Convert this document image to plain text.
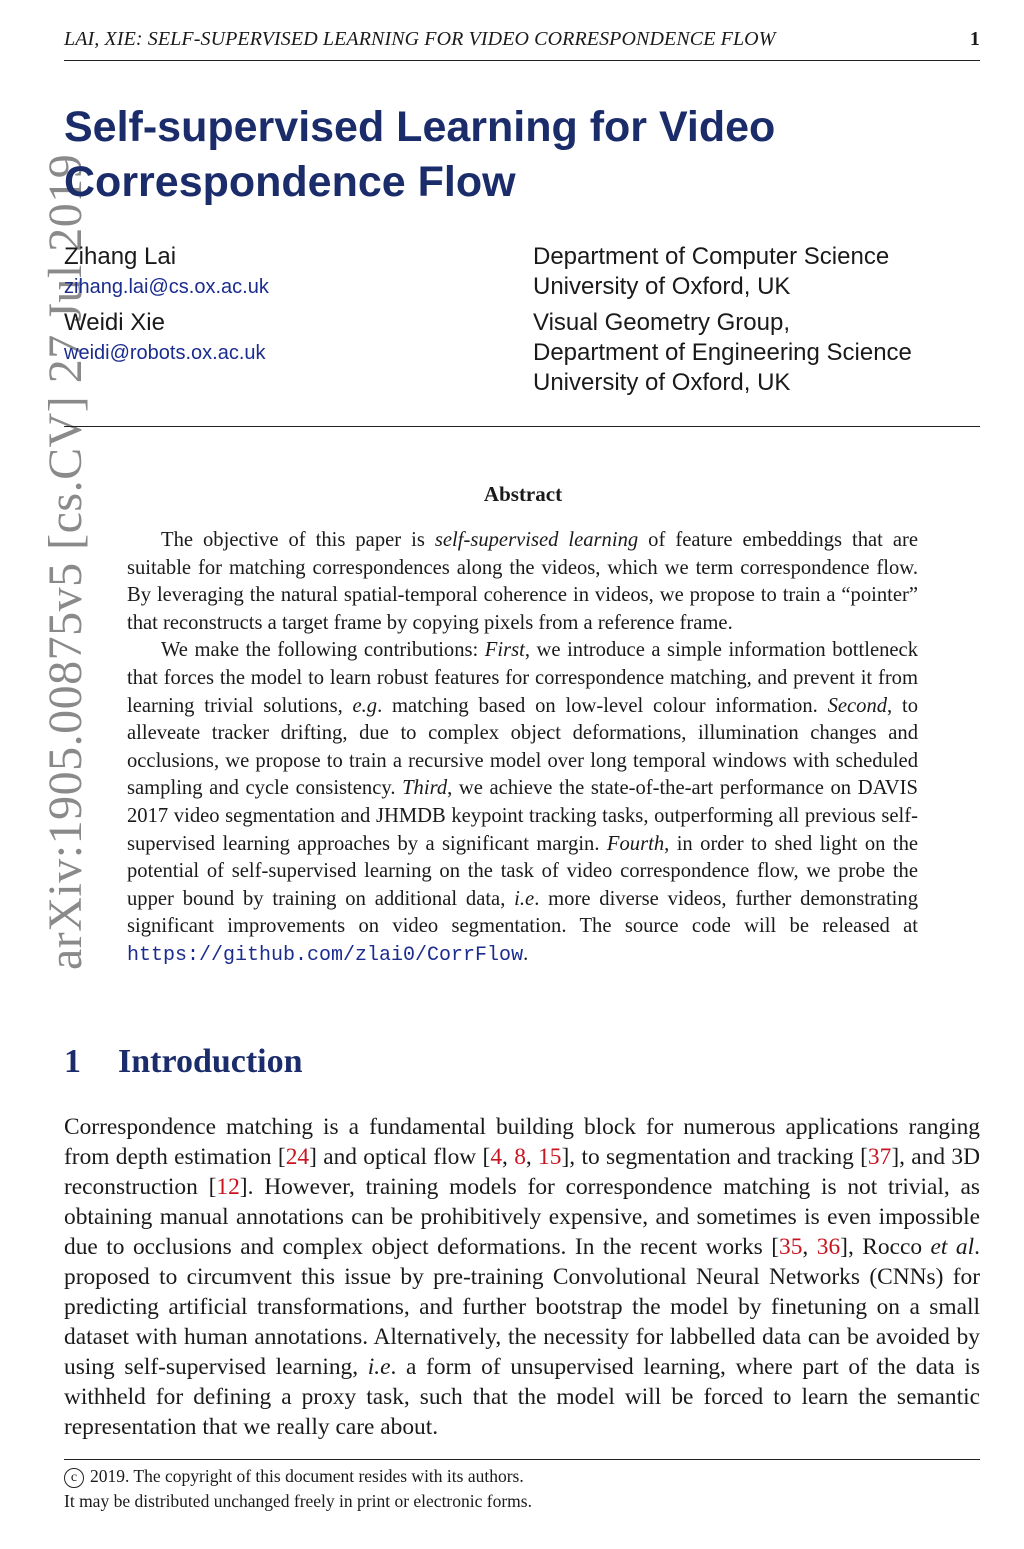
LAI, XIE: SELF-SUPERVISED LEARNING FOR VIDEO CORRESPONDENCE FLOW	1
arXiv:1905.00875v5 [cs.CV] 27 Jul 2019
Self-supervised Learning for Video Correspondence Flow
Zihang Lai
zihang.lai@cs.ox.ac.uk
Weidi Xie
weidi@robots.ox.ac.uk
Department of Computer Science
University of Oxford, UK
Visual Geometry Group,
Department of Engineering Science
University of Oxford, UK
Abstract

The objective of this paper is self-supervised learning of feature embeddings that are suitable for matching correspondences along the videos, which we term correspondence flow. By leveraging the natural spatial-temporal coherence in videos, we propose to train a “pointer” that reconstructs a target frame by copying pixels from a reference frame.

We make the following contributions: First, we introduce a simple information bottleneck that forces the model to learn robust features for correspondence matching, and prevent it from learning trivial solutions, e.g. matching based on low-level colour information. Second, to alleveate tracker drifting, due to complex object deformations, illumination changes and occlusions, we propose to train a recursive model over long temporal windows with scheduled sampling and cycle consistency. Third, we achieve the state-of-the-art performance on DAVIS 2017 video segmentation and JHMDB keypoint tracking tasks, outperforming all previous self-supervised learning approaches by a significant margin. Fourth, in order to shed light on the potential of self-supervised learning on the task of video correspondence flow, we probe the upper bound by training on additional data, i.e. more diverse videos, further demonstrating significant improvements on video segmentation. The source code will be released at https://github.com/zlai0/CorrFlow.

1 Introduction

Correspondence matching is a fundamental building block for numerous applications ranging from depth estimation [24] and optical flow [4, 8, 15], to segmentation and tracking [37], and 3D reconstruction [12]. However, training models for correspondence matching is not trivial, as obtaining manual annotations can be prohibitively expensive, and sometimes is even impossible due to occlusions and complex object deformations. In the recent works [35, 36], Rocco et al. proposed to circumvent this issue by pre-training Convolutional Neural Networks (CNNs) for predicting artificial transformations, and further bootstrap the model by finetuning on a small dataset with human annotations. Alternatively, the necessity for labbelled data can be avoided by using self-supervised learning, i.e. a form of unsupervised learning, where part of the data is withheld for defining a proxy task, such that the model will be forced to learn the semantic representation that we really care about.

c 2019. The copyright of this document resides with its authors.
It may be distributed unchanged freely in print or electronic forms.
